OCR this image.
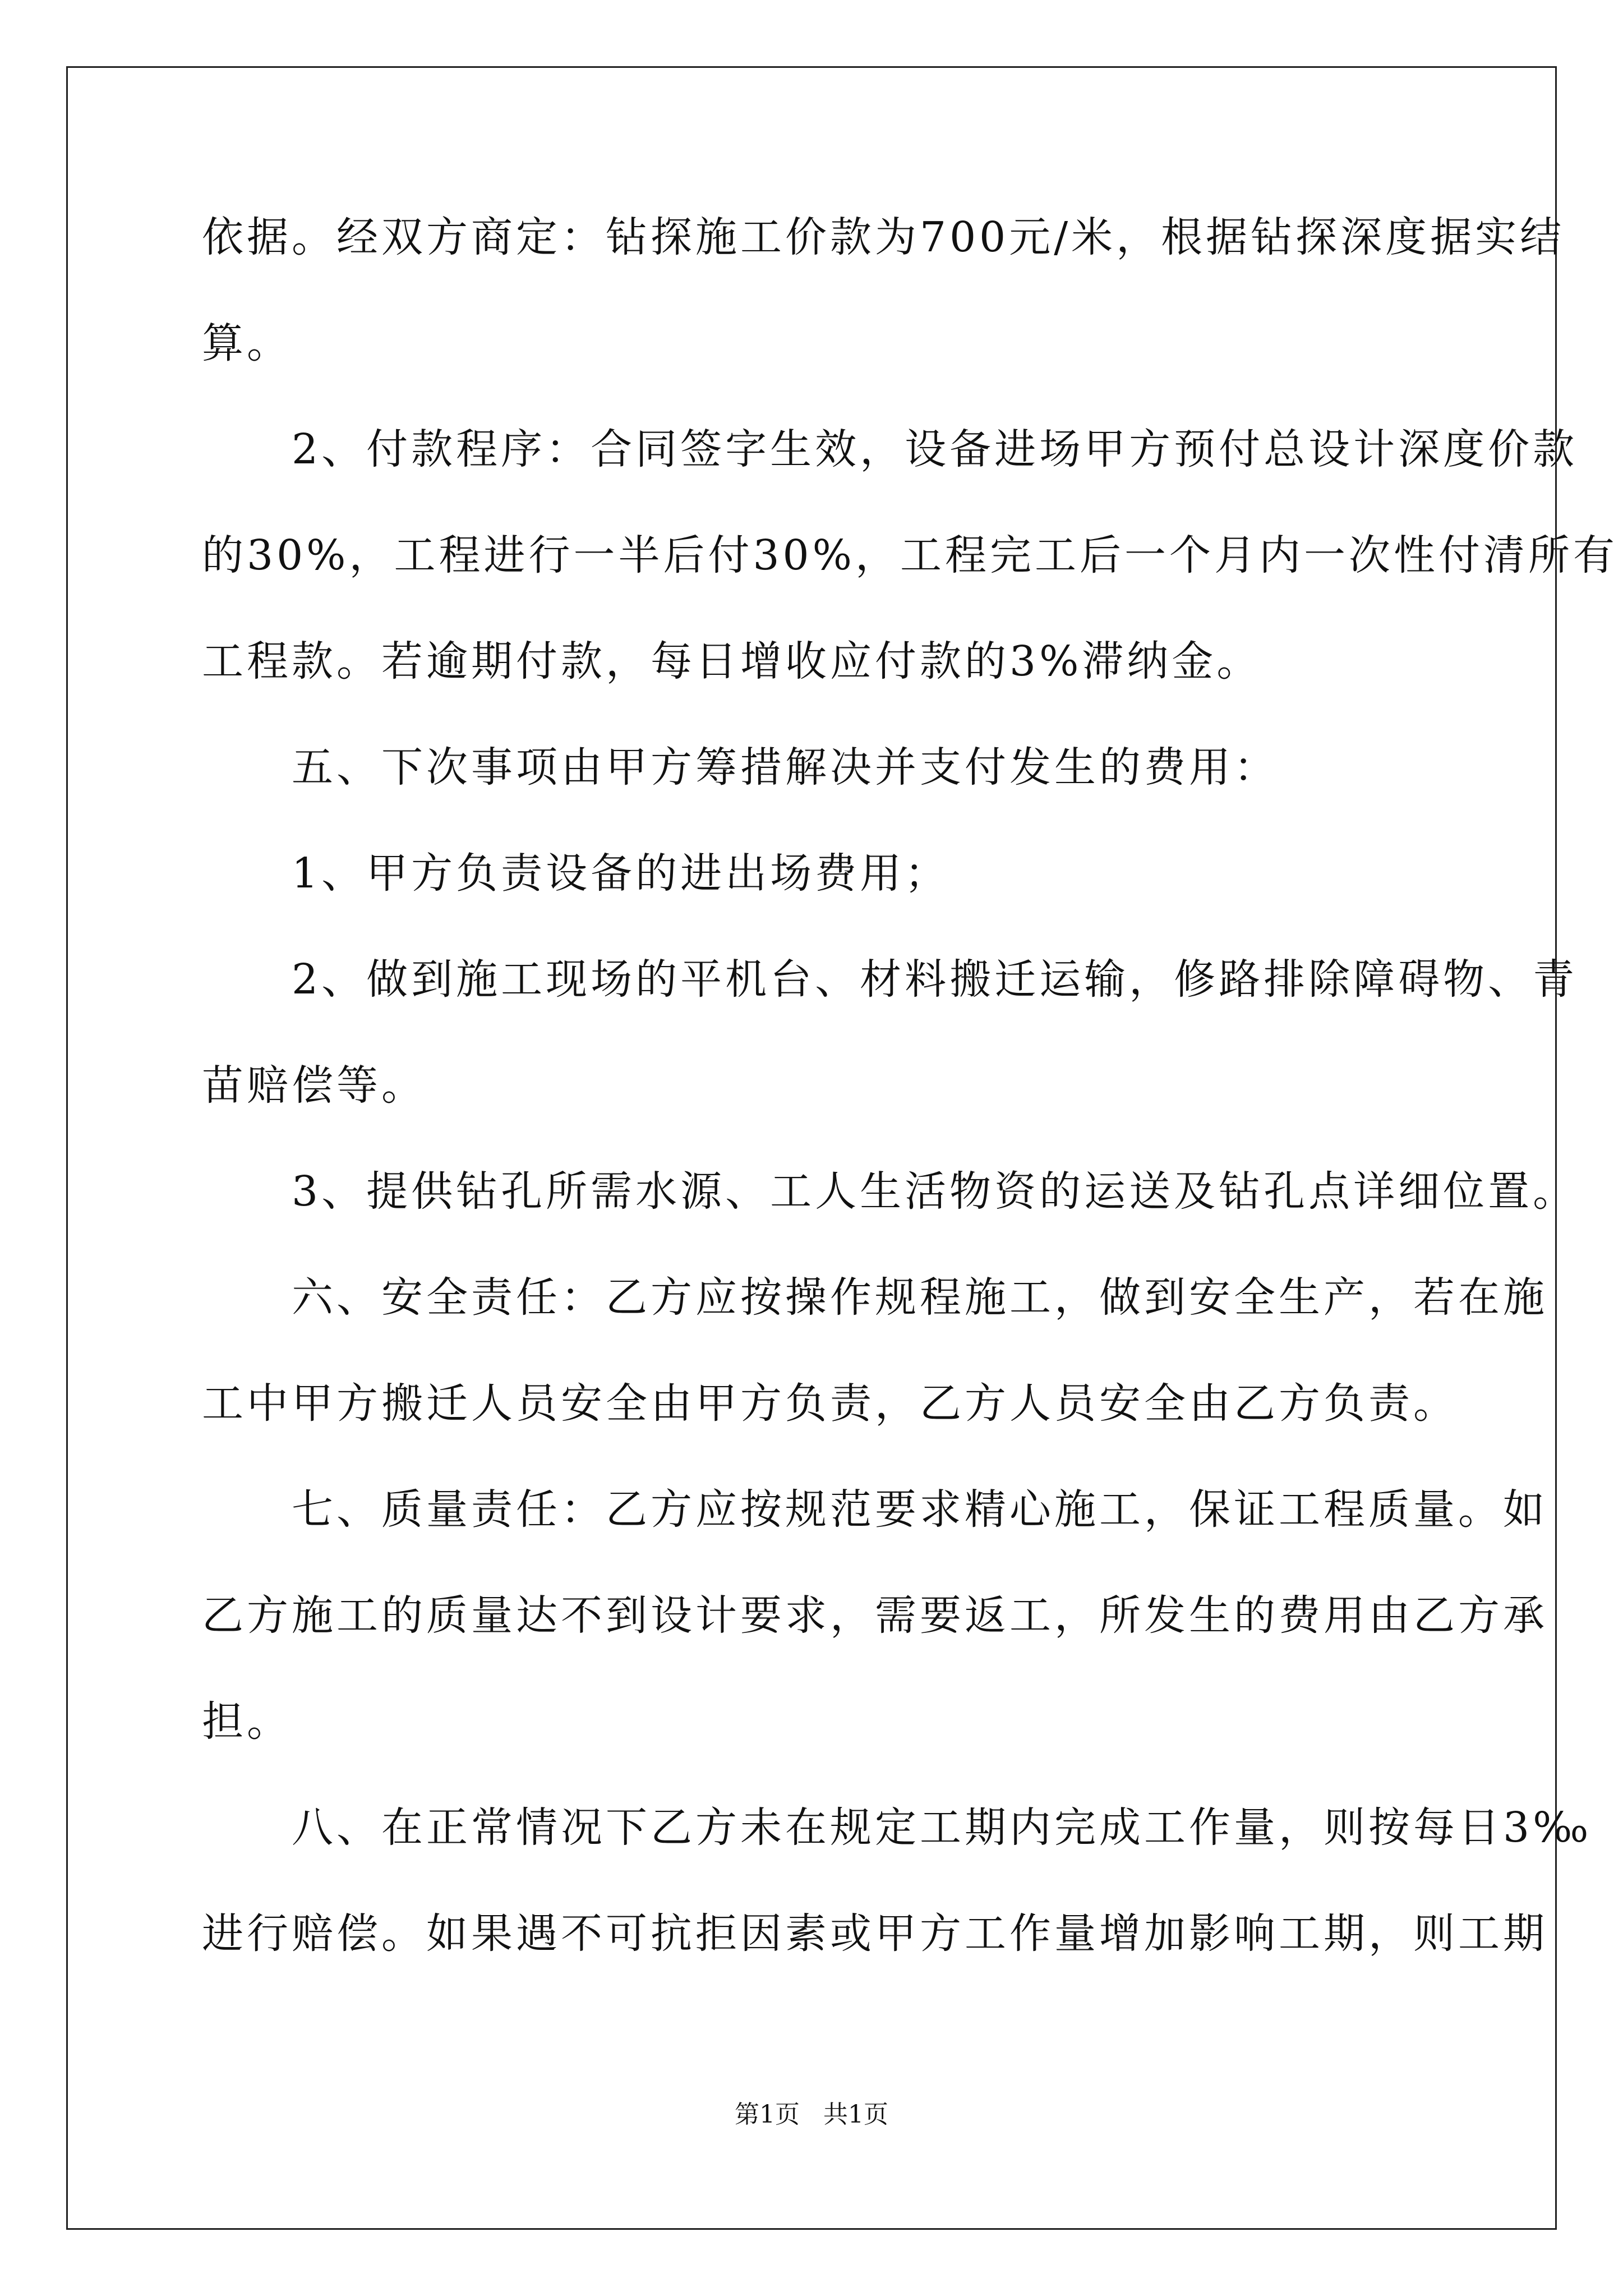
依据。经双方商定：钻探施工价款为700元/米，根据钻探深度据实结
算。
　　2、付款程序：合同签字生效，设备进场甲方预付总设计深度价款
的30%，工程进行一半后付30%，工程完工后一个月内一次性付清所有
工程款。若逾期付款，每日增收应付款的3%滞纳金。
　　五、下次事项由甲方筹措解决并支付发生的费用：
　　1、甲方负责设备的进出场费用；
　　2、做到施工现场的平机台、材料搬迁运输，修路排除障碍物、青
苗赔偿等。
　　3、提供钻孔所需水源、工人生活物资的运送及钻孔点详细位置。
　　六、安全责任：乙方应按操作规程施工，做到安全生产，若在施
工中甲方搬迁人员安全由甲方负责，乙方人员安全由乙方负责。
　　七、质量责任：乙方应按规范要求精心施工，保证工程质量。如
乙方施工的质量达不到设计要求，需要返工，所发生的费用由乙方承
担。
　　八、在正常情况下乙方未在规定工期内完成工作量，则按每日3‰
进行赔偿。如果遇不可抗拒因素或甲方工作量增加影响工期，则工期
第1页 共1页
